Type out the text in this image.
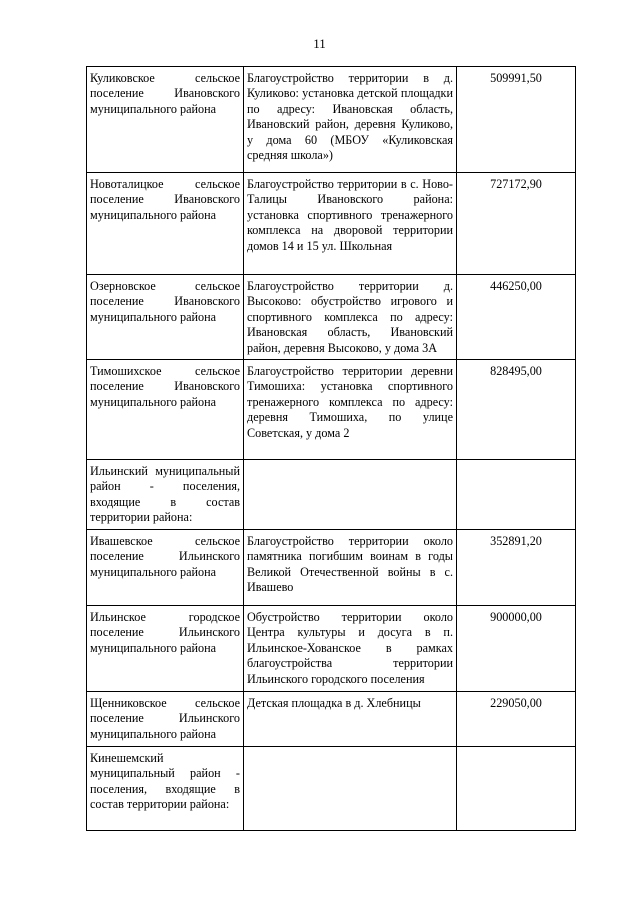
11
Куликовское сельское поселение Ивановского муниципального района	Благоустройство территории в д. Куликово: установка детской площадки по адресу: Ивановская область, Ивановский район, деревня Куликово, у дома 60 (МБОУ «Куликовская средняя школа»)	509991,50
Новоталицкое сельское поселение Ивановского муниципального района	Благоустройство территории в с. Ново-Талицы Ивановского района: установка спортивного тренажерного комплекса на дворовой территории домов 14 и 15 ул. Школьная	727172,90
Озерновское сельское поселение Ивановского муниципального района	Благоустройство территории д. Высоково: обустройство игрового и спортивного комплекса по адресу: Ивановская область, Ивановский район, деревня Высоково, у дома 3А	446250,00
Тимошихское сельское поселение Ивановского муниципального района	Благоустройство территории деревни Тимошиха: установка спортивного тренажерного комплекса по адресу: деревня Тимошиха, по улице Советская, у дома 2	828495,00
Ильинский муниципальный район - поселения, входящие в состав территории района:		
Ивашевское сельское поселение Ильинского муниципального района	Благоустройство территории около памятника погибшим воинам в годы Великой Отечественной войны в с. Ивашево	352891,20
Ильинское городское поселение Ильинского муниципального района	Обустройство территории около Центра культуры и досуга в п. Ильинское-Хованское в рамках благоустройства территории Ильинского городского поселения	900000,00
Щенниковское сельское поселение Ильинского муниципального района	Детская площадка в д. Хлебницы	229050,00
Кинешемский муниципальный район - поселения, входящие в состав территории района:		
